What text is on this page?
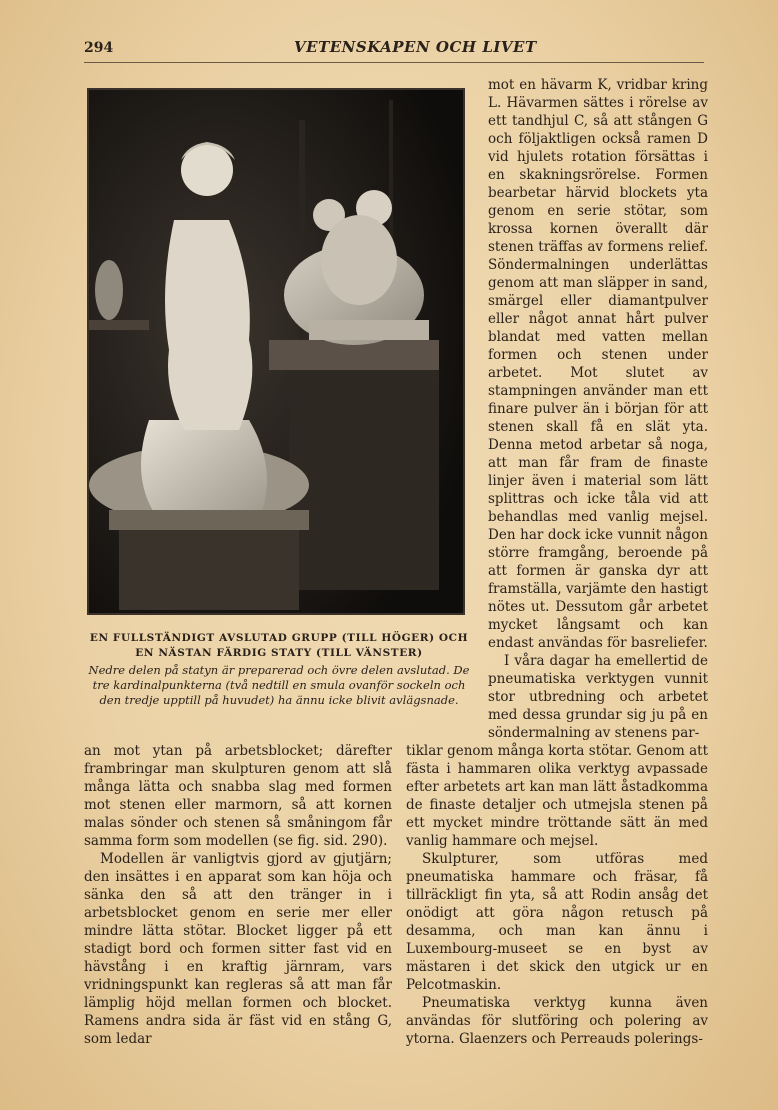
294	VETENSKAPEN OCH LIVET
EN FULLSTÄNDIGT AVSLUTAD GRUPP (TILL HÖGER) OCH EN NÄSTAN FÄRDIG STATY (TILL VÄNSTER)
Nedre delen på statyn är preparerad och övre delen avslutad. De tre kardinalpunkterna (två nedtill en smula ovanför sockeln och den tredje upptill på huvudet) ha ännu icke blivit avlägsnade.

mot en hävarm K, vridbar kring L. Hävarmen sättes i rörelse av ett tandhjul C, så att stången G och följaktligen också ramen D vid hjulets rotation försättas i en skakningsrörelse. Formen bearbetar härvid blockets yta genom en serie stötar, som krossa kornen överallt där stenen träffas av formens relief. Söndermalningen underlättas genom att man släpper in sand, smärgel eller diamantpulver eller något annat hårt pulver blandat med vatten mellan formen och stenen under arbetet. Mot slutet av stampningen använder man ett finare pulver än i början för att stenen skall få en slät yta. Denna metod arbetar så noga, att man får fram de finaste linjer även i material som lätt splittras och icke tåla vid att behandlas med vanlig mejsel. Den har dock icke vunnit någon större framgång, beroende på att formen är ganska dyr att framställa, varjämte den hastigt nötes ut. Dessutom går arbetet mycket långsamt och kan endast användas för basreliefer.

I våra dagar ha emellertid de pneumatiska verktygen vunnit stor utbredning och arbetet med dessa grundar sig ju på en söndermalning av stenens par-

an mot ytan på arbetsblocket; därefter frambringar man skulpturen genom att slå många lätta och snabba slag med formen mot stenen eller marmorn, så att kornen malas sönder och stenen så småningom får samma form som modellen (se fig. sid. 290).

Modellen är vanligtvis gjord av gjutjärn; den insättes i en apparat som kan höja och sänka den så att den tränger in i arbetsblocket genom en serie mer eller mindre lätta stötar. Blocket ligger på ett stadigt bord och formen sitter fast vid en hävstång i en kraftig järnram, vars vridningspunkt kan regleras så att man får lämplig höjd mellan formen och blocket. Ramens andra sida är fäst vid en stång G, som ledar

tiklar genom många korta stötar. Genom att fästa i hammaren olika verktyg avpassade efter arbetets art kan man lätt åstadkomma de finaste detaljer och utmejsla stenen på ett mycket mindre tröttande sätt än med vanlig hammare och mejsel.

Skulpturer, som utföras med pneumatiska hammare och fräsar, få tillräckligt fin yta, så att Rodin ansåg det onödigt att göra någon retusch på desamma, och man kan ännu i Luxembourg-museet se en byst av mästaren i det skick den utgick ur en Pelcotmaskin.

Pneumatiska verktyg kunna även användas för slutföring och polering av ytorna. Glaenzers och Perreauds polerings-
